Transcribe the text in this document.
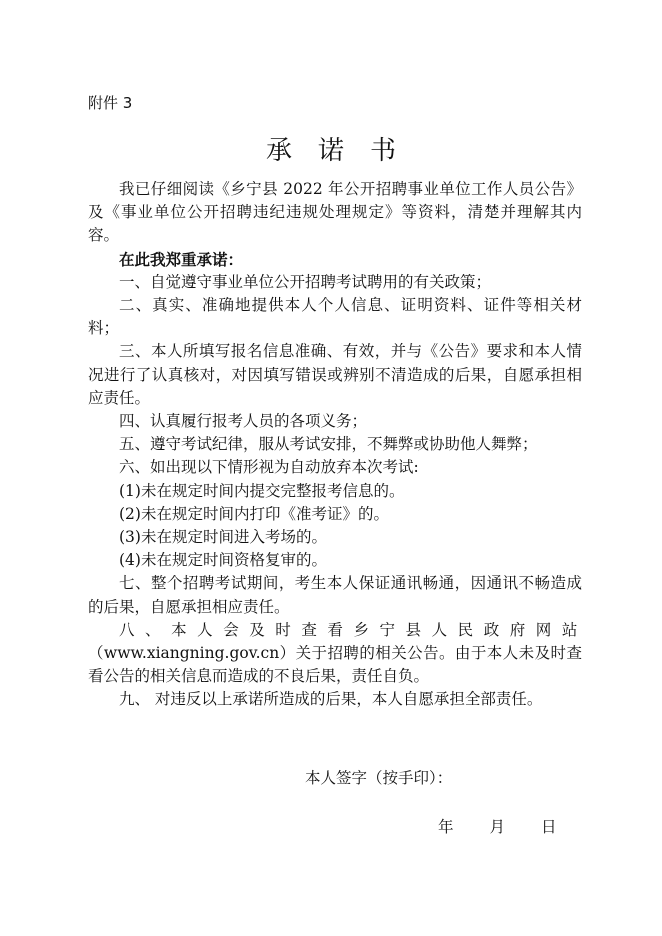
附件 3
承诺书

我已仔细阅读《乡宁县 2022 年公开招聘事业单位工作人员公告》及《事业单位公开招聘违纪违规处理规定》等资料，清楚并理解其内容。

在此我郑重承诺：

一、自觉遵守事业单位公开招聘考试聘用的有关政策；

二、真实、准确地提供本人个人信息、证明资料、证件等相关材料；

三、本人所填写报名信息准确、有效，并与《公告》要求和本人情况进行了认真核对，对因填写错误或辨别不清造成的后果，自愿承担相应责任。

四、认真履行报考人员的各项义务；

五、遵守考试纪律，服从考试安排，不舞弊或协助他人舞弊；

六、如出现以下情形视为自动放弃本次考试:

(1)未在规定时间内提交完整报考信息的。

(2)未在规定时间内打印《准考证》的。

(3)未在规定时间进入考场的。

(4)未在规定时间资格复审的。

七、整个招聘考试期间，考生本人保证通讯畅通，因通讯不畅造成的后果，自愿承担相应责任。

八、本人会及时查看乡宁县人民政府网站

（www.xiangning.gov.cn）关于招聘的相关公告。由于本人未及时查看公告的相关信息而造成的不良后果，责任自负。

九、 对违反以上承诺所造成的后果，本人自愿承担全部责任。

本人签字（按手印）：
年 月 日
